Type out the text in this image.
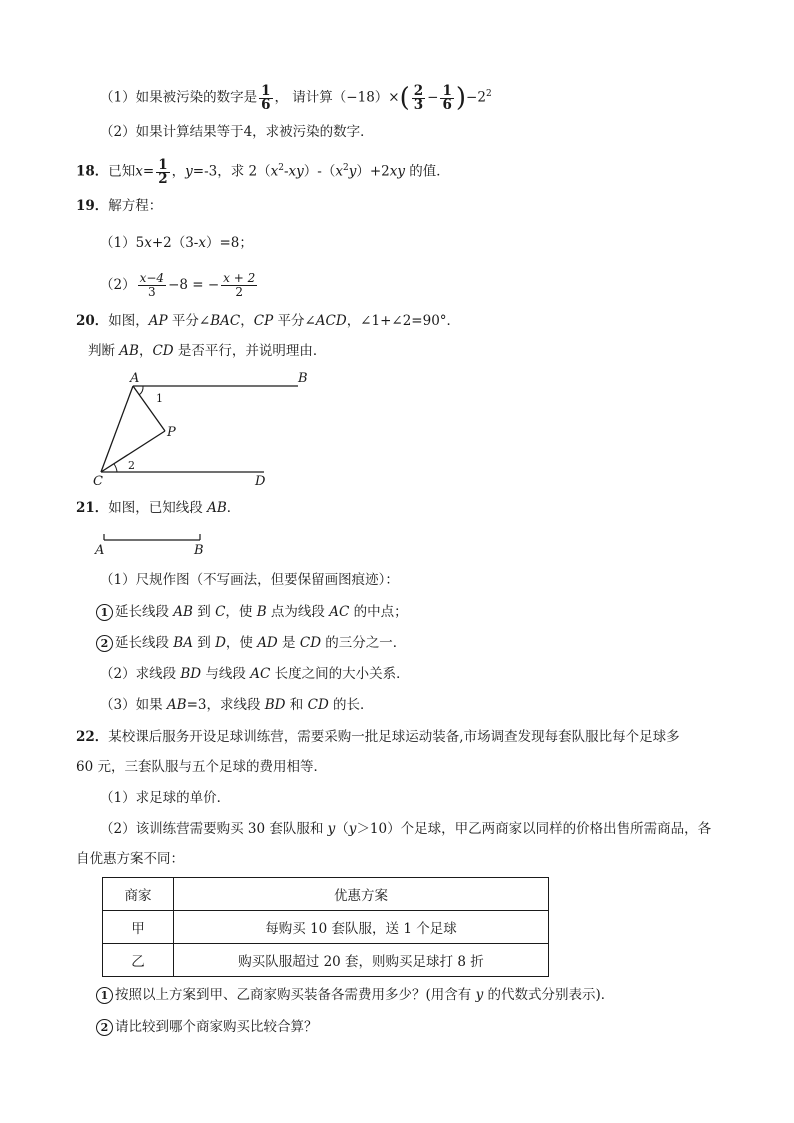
（1）如果被污染的数字是 $\frac{1}{6}$ ， 请计算$(-18)\times( \frac{2}{3} - \frac{1}{6} )-2^2$
（2）如果计算结果等于4，求被污染的数字．
18．已知$x= \frac{1}{2}$ ，y=-3，求 $2(x^2-xy)-(x^2y)+2xy$ 的值．
19．解方程：
（1）5x+2（3-x）=8；
$(2) \frac{x-4}{3} -8$ = − $\frac{x + 2}{2}$
20．如图，AP 平分∠BAC，CP 平分∠ACD，∠1+∠2=90°．
判断 AB，CD 是否平行，并说明理由．
A	B
C	D
P
1
2
21．如图，已知线段 AB．
A	B
（1）尺规作图（不写画法，但要保留画图痕迹）：
1 延长线段 AB 到 C，使 B 点为线段 AC 的中点；
2 延长线段 BA 到 D，使 AD 是 CD 的三分之一．
（2）求线段 BD 与线段 AC 长度之间的大小关系．
（3）如果 AB=3，求线段 BD 和 CD 的长．
22．某校课后服务开设足球训练营，需要采购一批足球运动装备,市场调查发现每套队服比每个足球多
60 元，三套队服与五个足球的费用相等．
（1）求足球的单价．
（2）该训练营需要购买 30 套队服和 y（y＞10）个足球，甲乙两商家以同样的价格出售所需商品，各
自优惠方案不同：
商家	优惠方案
甲	每购买 10 套队服，送 1 个足球
乙	购买队服超过 20 套，则购买足球打 8 折
1 按照以上方案到甲、乙商家购买装备各需费用多少？(用含有 y 的代数式分别表示)．
2 请比较到哪个商家购买比较合算？
